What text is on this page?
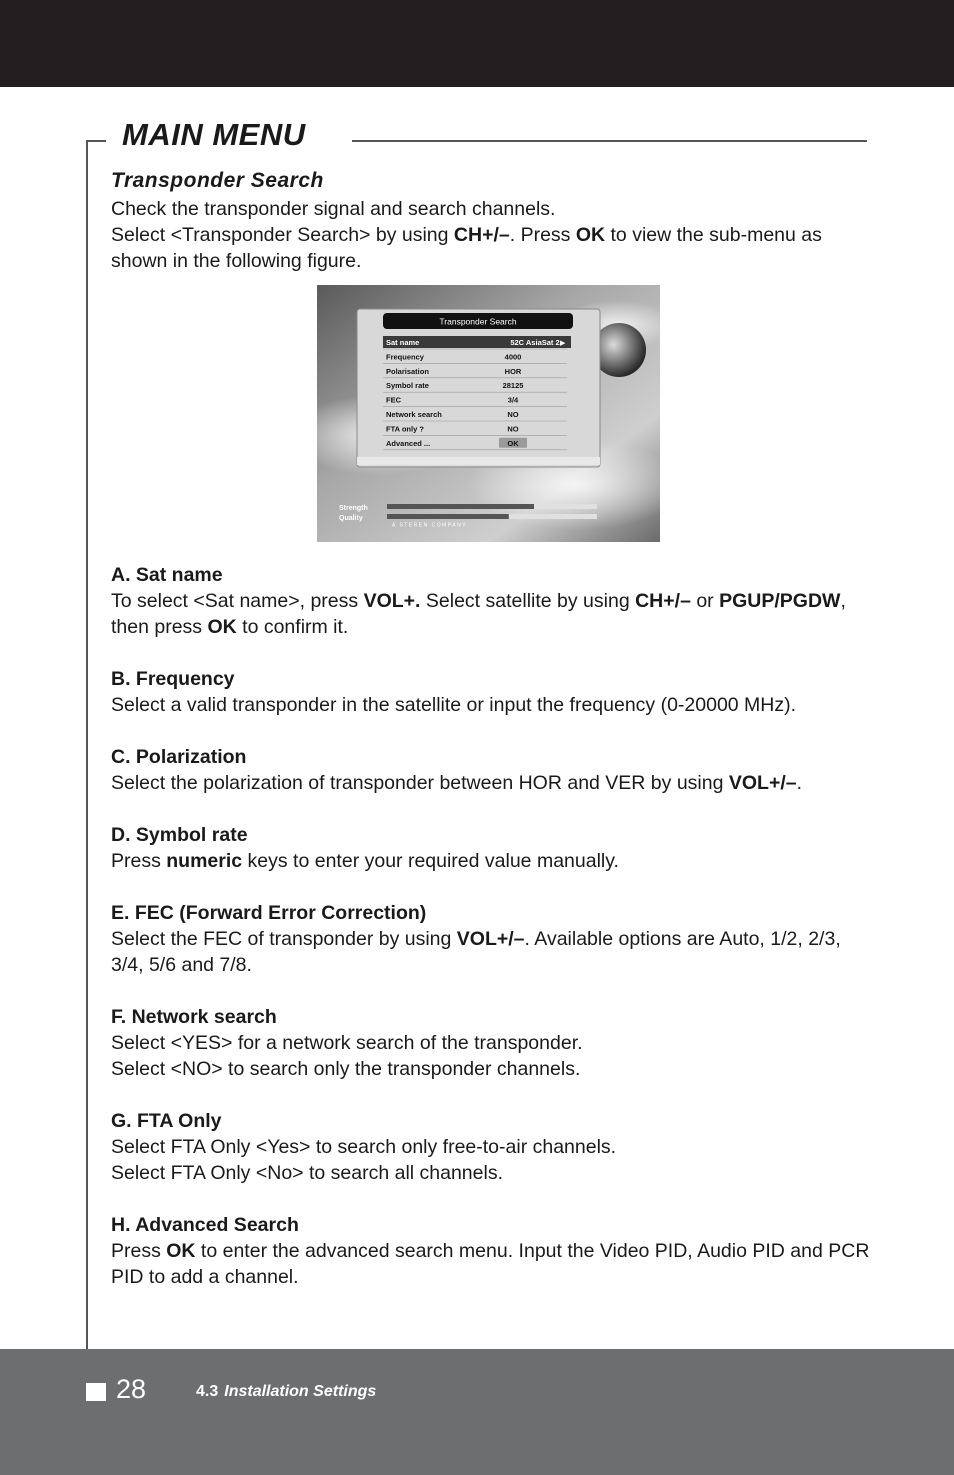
MAIN MENU
Transponder Search

Check the transponder signal and search channels.

Select <Transponder Search> by using CH+/–. Press OK to view the sub-menu as shown in the following figure.

Transponder Search
Sat name	52C AsiaSat 2 ▶
Frequency	4000
Polarisation	HOR
Symbol rate	28125
FEC	3/4
Network search	NO
FTA only ?	NO
Advanced ...	OK
Strength
Quality
A STEREN COMPANY
A. Sat name

To select <Sat name>, press VOL+. Select satellite by using CH+/– or PGUP/PGDW, then press OK to confirm it.

B. Frequency

Select a valid transponder in the satellite or input the frequency (0-20000 MHz).

C. Polarization

Select the polarization of transponder between HOR and VER by using VOL+/–.

D. Symbol rate

Press numeric keys to enter your required value manually.

E. FEC (Forward Error Correction)

Select the FEC of transponder by using VOL+/–. Available options are Auto, 1/2, 2/3, 3/4, 5/6 and 7/8.

F. Network search

Select <YES> for a network search of the transponder.

Select <NO> to search only the transponder channels.

G. FTA Only

Select FTA Only <Yes> to search only free-to-air channels.

Select FTA Only <No> to search all channels.

H. Advanced Search

Press OK to enter the advanced search menu. Input the Video PID, Audio PID and PCR PID to add a channel.

28	4.3 Installation Settings
